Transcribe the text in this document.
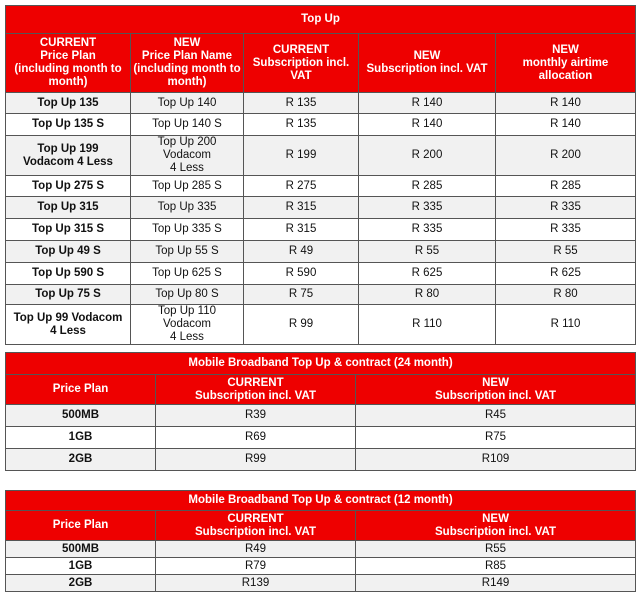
Top Up				

CURRENT
Price Plan
(including month to
month)	NEW
Price Plan Name
(including month to
month)	CURRENT
Subscription incl.
VAT	NEW
Subscription incl. VAT	NEW
monthly airtime
allocation

Top Up 135	Top Up 140	R 135	R 140	R 140
Top Up 135 S	Top Up 140 S	R 135	R 140	R 140

Top Up 199
Vodacom 4 Less	Top Up 200 Vodacom
4 Less	R 199	R 200	R 200
Top Up 275 S	Top Up 285 S	R 275	R 285	R 285
Top Up 315	Top Up 335	R 315	R 335	R 335
Top Up 315 S	Top Up 335 S	R 315	R 335	R 335
Top Up 49 S	Top Up 55 S	R 49	R 55	R 55
Top Up 590 S	Top Up 625 S	R 590	R 625	R 625
Top Up 75 S	Top Up 80 S	R 75	R 80	R 80

Top Up 99 Vodacom
4 Less	Top Up 110 Vodacom
4 Less	R 99	R 110	R 110
Mobile Broadband Top Up & contract (24 month)		
Price Plan	CURRENT
Subscription incl. VAT	NEW
Subscription incl. VAT

500MB	R39	R45
1GB	R69	R75
2GB	R99	R109
Mobile Broadband Top Up & contract (12 month)		
Price Plan	CURRENT
Subscription incl. VAT	NEW
Subscription incl. VAT

500MB	R49	R55
1GB	R79	R85
2GB	R139	R149
